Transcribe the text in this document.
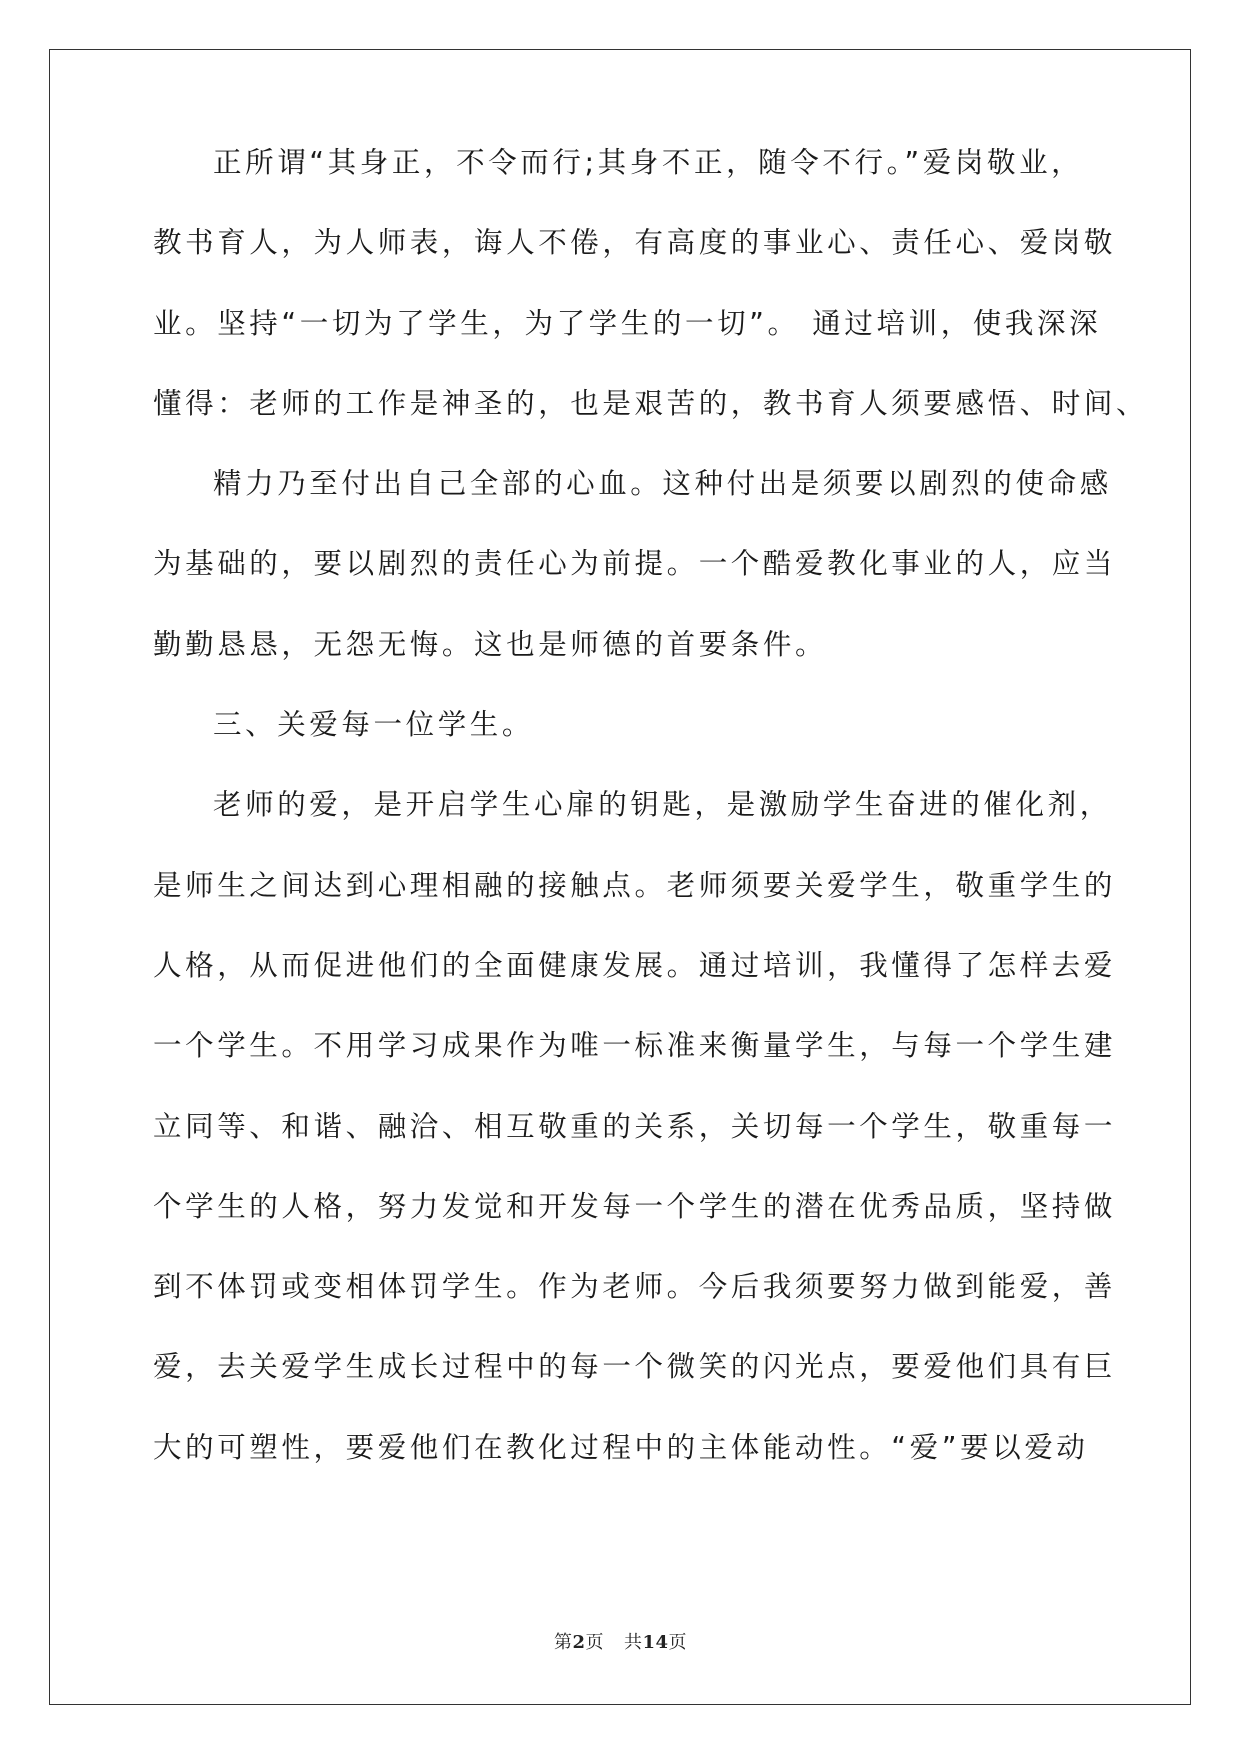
正所谓“其身正，不令而行;其身不正，随令不行。”爱岗敬业，
教书育人，为人师表，诲人不倦，有高度的事业心、责任心、爱岗敬
业。坚持“一切为了学生，为了学生的一切”。 通过培训，使我深深
懂得：老师的工作是神圣的，也是艰苦的，教书育人须要感悟、时间、
精力乃至付出自己全部的心血。这种付出是须要以剧烈的使命感
为基础的，要以剧烈的责任心为前提。一个酷爱教化事业的人，应当
勤勤恳恳，无怨无悔。这也是师德的首要条件。
三、关爱每一位学生。
老师的爱，是开启学生心扉的钥匙，是激励学生奋进的催化剂，
是师生之间达到心理相融的接触点。老师须要关爱学生，敬重学生的
人格，从而促进他们的全面健康发展。通过培训，我懂得了怎样去爱
一个学生。不用学习成果作为唯一标准来衡量学生，与每一个学生建
立同等、和谐、融洽、相互敬重的关系，关切每一个学生，敬重每一
个学生的人格，努力发觉和开发每一个学生的潜在优秀品质，坚持做
到不体罚或变相体罚学生。作为老师。今后我须要努力做到能爱，善
爱，去关爱学生成长过程中的每一个微笑的闪光点，要爱他们具有巨
大的可塑性，要爱他们在教化过程中的主体能动性。“爱”要以爱动
第2页 共14页
